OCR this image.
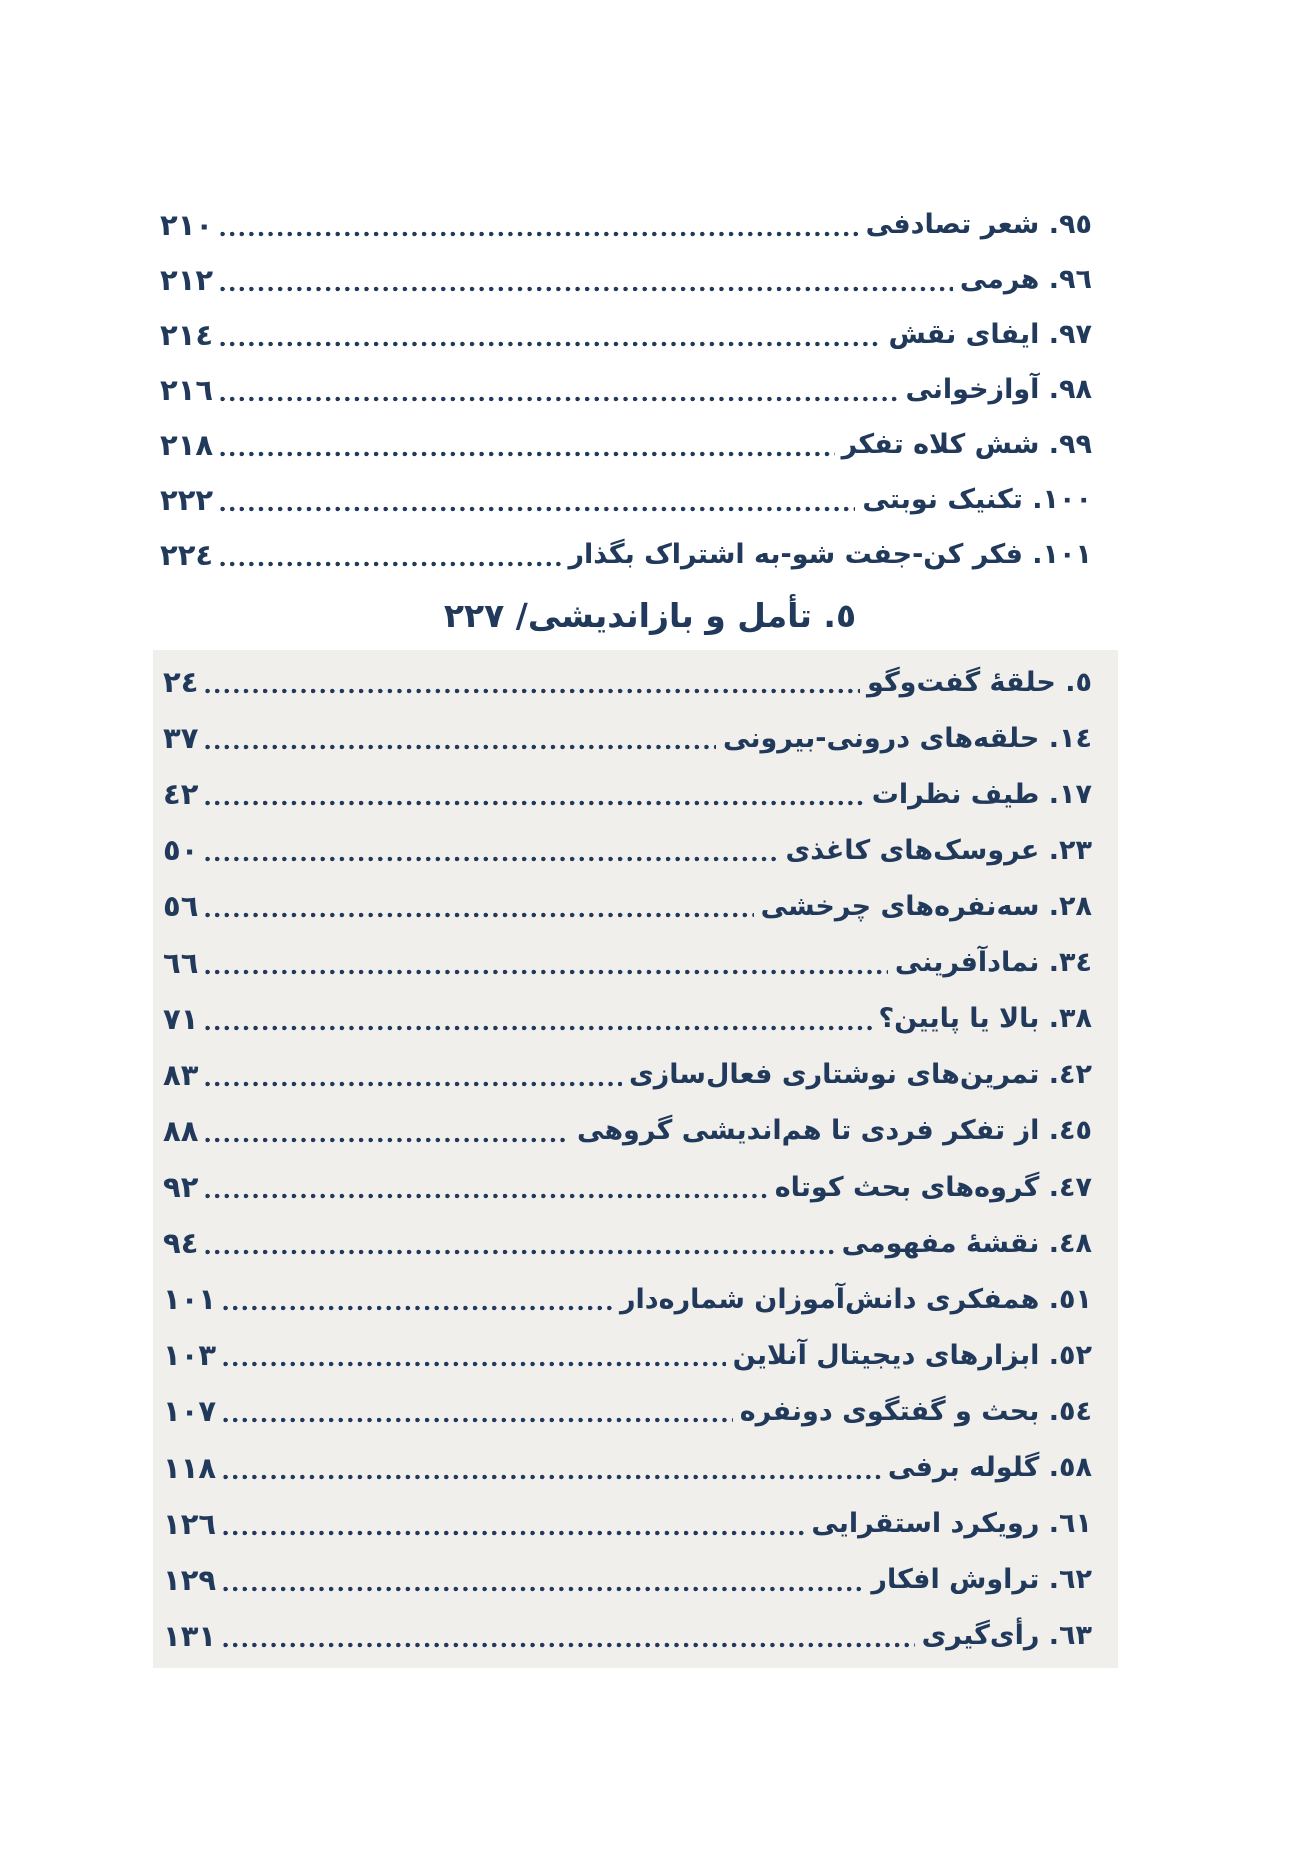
٩٥. شعر تصادفی
٢١٠
٩٦. هرمی
٢١٢
٩٧. ایفای نقش
٢١٤
٩٨. آوازخوانی
٢١٦
٩٩. شش کلاه تفکر
٢١٨
١٠٠. تکنیک نوبتی
٢٢٢
١٠١. فکر کن-جفت شو-به اشتراک بگذار
٢٢٤
٥. تأمل و بازاندیشی/ ٢٢٧
٥. حلقهٔ گفت‌وگو
٢٤
١٤. حلقه‌های درونی-بیرونی
٣٧
١٧. طیف نظرات
٤٢
٢٣. عروسک‌های کاغذی
٥٠
٢٨. سه‌نفره‌های چرخشی
٥٦
٣٤. نمادآفرینی
٦٦
٣٨. بالا یا پایین؟
٧١
٤٢. تمرین‌های نوشتاری فعال‌سازی
٨٣
٤٥. از تفکر فردی تا هم‌اندیشی گروهی
٨٨
٤٧. گروه‌های بحث کوتاه
٩٢
٤٨. نقشهٔ مفهومی
٩٤
٥١. همفکری دانش‌آموزان شماره‌دار
١٠١
٥٢. ابزارهای دیجیتال آنلاین
١٠٣
٥٤. بحث و گفتگوی دونفره
١٠٧
٥٨. گلوله برفی
١١٨
٦١. رویکرد استقرایی
١٢٦
٦٢. تراوش افکار
١٢٩
٦٣. رأی‌گیری
١٣١
